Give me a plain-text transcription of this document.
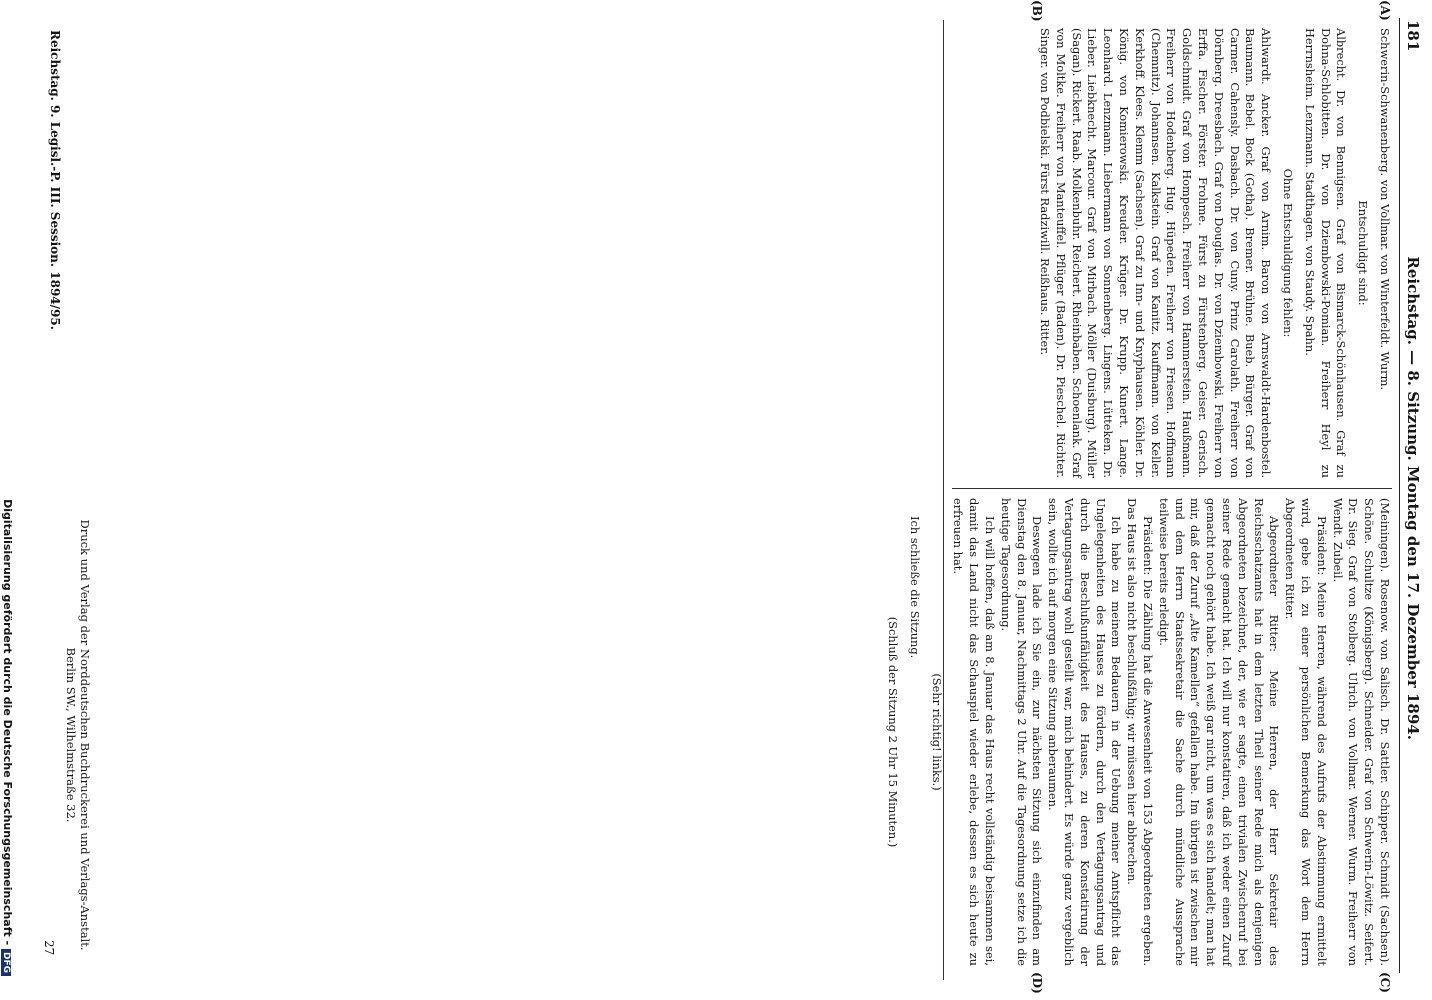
181
Reichstag. — 8. Sitzung. Montag den 17. Dezember 1894.
(A)
(B)
(C)
(D)

Schwerin-Schwanenberg. von Vollmar. von Winterfeldt. Wurm.

Entschuldigt sind:

Albrecht. Dr. von Bennigsen. Graf von Bismarck-Schönhausen. Graf zu Dohna-Schlobitten. Dr. von Dziembowski-Pomian. Freiherr Heyl zu Herrnsheim. Lenzmann. Stadthagen. von Staudy. Spahn.

Ohne Entschuldigung fehlen:

Ahlwardt. Ancker. Graf von Arnim. Baron von Arnswaldt-Hardenbostel. Baumann. Bebel. Bock (Gotha). Bremer. Brühne. Bueb. Bürger. Graf von Carmer. Cahensly. Dasbach. Dr. von Cuny. Prinz Carolath. Freiherr von Dörnberg. Dreesbach. Graf von Douglas. Dr. von Dziembowski. Freiherr von Erffa. Fischer. Förster. Frohme. Fürst zu Fürstenberg. Geiser. Gerisch. Goldschmidt. Graf von Hompesch. Freiherr von Hammerstein. Haußmann. Freiherr von Hodenberg. Hug. Hüpeden. Freiherr von Friesen. Hoffmann (Chemnitz). Johannsen. Kalkstein. Graf von Kanitz. Kauffmann. von Keller. Kerkhoff. Klees. Klemm (Sachsen). Graf zu Inn- und Knyphausen. Köhler. Dr. König. von Komierowski. Kreuder. Krüger. Dr. Krupp. Kunert. Lange. Leonhard. Lenzmann. Liebermann von Sonnenberg. Lingens. Lütteken. Dr. Lieber. Liebknecht. Marcour. Graf von Mirbach. Möller (Duisburg). Müller (Sagan). Rickert. Raab. Molkenbuhr. Reichert. Rheinbaben. Schoenlank. Graf von Moltke. Freiherr von Manteuffel. Pflüger (Baden). Dr. Pieschel. Richter. Singer. von Podbielski. Fürst Radziwill. Reißhaus. Ritter.

(Meiningen). Rosenow. von Salisch. Dr. Sattler. Schipper. Schmidt (Sachsen). Schöne. Schultze (Königsberg). Schneider. Graf von Schwerin-Löwitz. Seifert. Dr. Sieg. Graf von Stolberg. Ulrich. von Vollmar. Werner. Wurm. Freiherr von Wendt. Zubeil.

Präsident: Meine Herren, während des Aufrufs der Abstimmung ermittelt wird, gebe ich zu einer persönlichen Bemerkung das Wort dem Herrn Abgeordneten Ritter.

Abgeordneter Ritter: Meine Herren, der Herr Sekretair des Reichsschatzamts hat in dem letzten Theil seiner Rede mich als denjenigen Abgeordneten bezeichnet, der, wie er sagte, einen trivialen Zwischenruf bei seiner Rede gemacht hat. Ich will nur konstatiren, daß ich weder einen Zuruf gemacht noch gehört habe. Ich weiß gar nicht, um was es sich handelt; man hat mir, daß der Zuruf „Alte Kamellen“ gefallen habe. Im übrigen ist zwischen mir und dem Herrn Staatssekretair die Sache durch mündliche Aussprache teilweise bereits erledigt.

Präsident: Die Zählung hat die Anwesenheit von 153 Abgeordneten ergeben. Das Haus ist also nicht beschlußfähig; wir müssen hier abbrechen.

Ich habe zu meinem Bedauern in der Uebung meiner Amtspflicht das Ungelegenheiten des Hauses zu fördern, durch den Vertagungsantrag und durch die Beschlußunfähigkeit des Hauses, zu deren Konstatirung der Vertagungsantrag wohl gestellt war, mich behindert. Es würde ganz vergeblich sein, wollte ich auf morgen eine Sitzung anberaumen.

Deswegen lade ich Sie ein, zur nächsten Sitzung sich einzufinden am Dienstag den 8. Januar, Nachmittags 2 Uhr. Auf die Tagesordnung setze ich die heutige Tagesordnung.

Ich will hoffen, daß am 8. Januar das Haus recht vollständig beisammen sei, damit das Land nicht das Schauspiel wieder erlebe, dessen es sich heute zu erfreuen hat.

(Sehr richtig! links.)

Ich schließe die Sitzung.

(Schluß der Sitzung 2 Uhr 15 Minuten.)

Reichstag. 9. Legisl.-P. III. Session. 1894/95.
Druck und Verlag der Norddeutschen Buchdruckerei und Verlags-Anstalt.
Berlin SW., Wilhelmstraße 32.
27
Digitalisierung gefördert durch die Deutsche Forschungsgemeinschaft - DFG
